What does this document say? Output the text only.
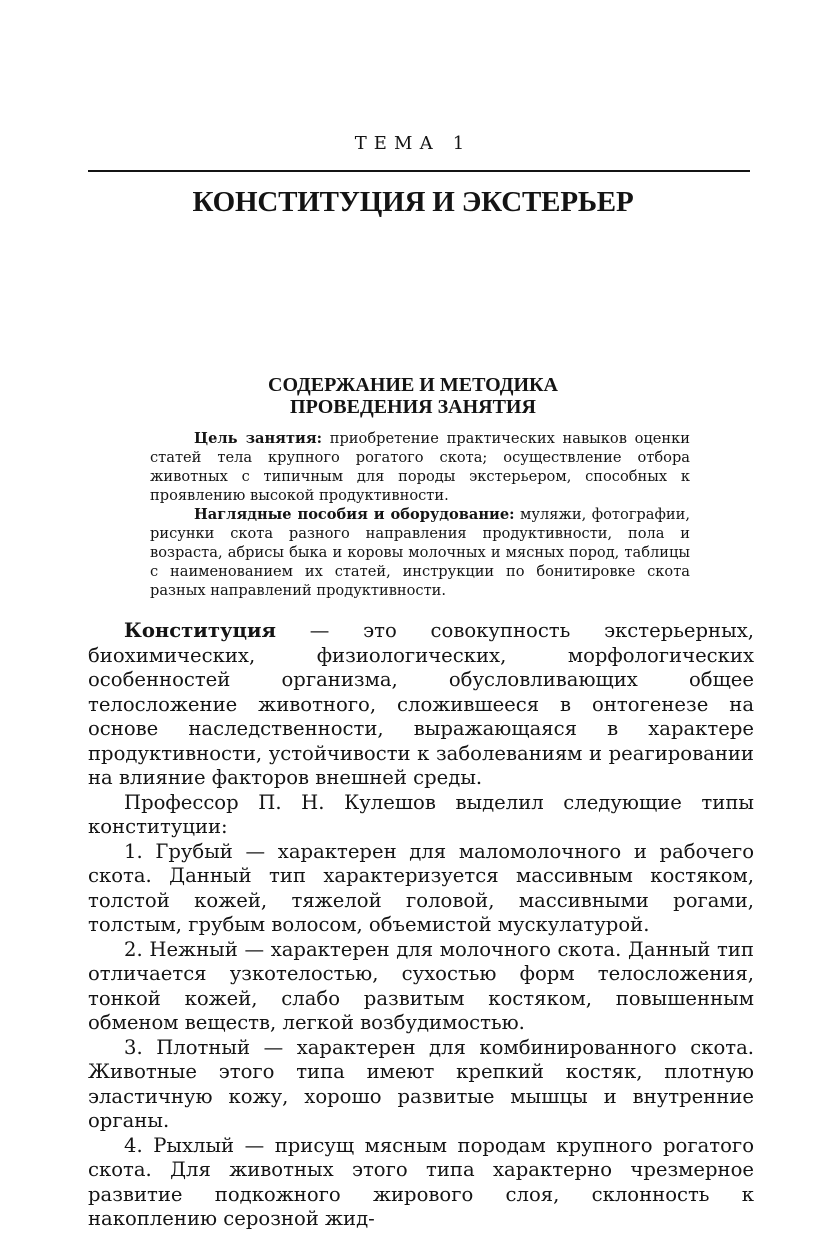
ТЕМА 1
КОНСТИТУЦИЯ И ЭКСТЕРЬЕР
СОДЕРЖАНИЕ И МЕТОДИКА
ПРОВЕДЕНИЯ ЗАНЯТИЯ

Цель занятия: приобретение практических навыков оценки статей тела крупного рогатого скота; осуществление отбора животных с типичным для породы экстерьером, способных к проявлению высокой продуктивности.

Наглядные пособия и оборудование: муляжи, фотографии, рисунки скота разного направления продуктивности, пола и возраста, абрисы быка и коровы молочных и мясных пород, таблицы с наименованием их статей, инструкции по бонитировке скота разных направлений продуктивности.

Конституция — это совокупность экстерьерных, биохимических, физиологических, морфологических особенностей организма, обусловливающих общее телосложение животного, сложившееся в онтогенезе на основе наследственности, выражающаяся в характере продуктивности, устойчивости к заболеваниям и реагировании на влияние факторов внешней среды.

Профессор П. Н. Кулешов выделил следующие типы конституции:

1. Грубый — характерен для маломолочного и рабочего скота. Данный тип характеризуется массивным костяком, толстой кожей, тяжелой головой, массивными рогами, толстым, грубым волосом, объемистой мускулатурой.

2. Нежный — характерен для молочного скота. Данный тип отличается узкотелостью, сухостью форм телосложения, тонкой кожей, слабо развитым костяком, повышенным обменом веществ, легкой возбудимостью.

3. Плотный — характерен для комбинированного скота. Животные этого типа имеют крепкий костяк, плотную эластичную кожу, хорошо развитые мышцы и внутренние органы.

4. Рыхлый — присущ мясным породам крупного рогатого скота. Для животных этого типа характерно чрезмерное развитие подкожного жирового слоя, склонность к накоплению серозной жид-
